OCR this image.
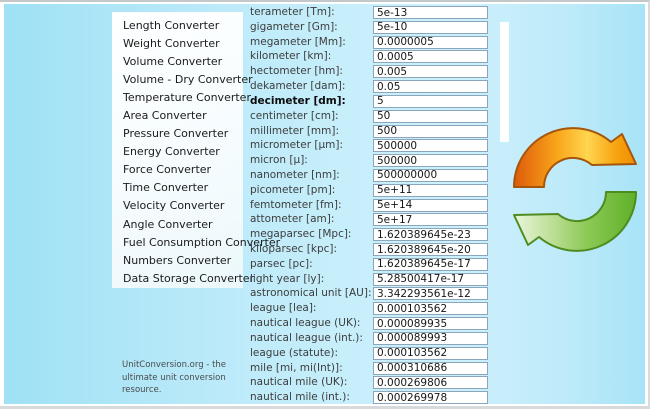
Length Converter
Weight Converter
Volume Converter
Volume - Dry Converter
Temperature Converter
Area Converter
Pressure Converter
Energy Converter
Force Converter
Time Converter
Velocity Converter
Angle Converter
Fuel Consumption Converter
Numbers Converter
Data Storage Converter
terameter [Tm]:
5e-13
gigameter [Gm]:
5e-10
megameter [Mm]:
0.0000005
kilometer [km]:
0.0005
hectometer [hm]:
0.005
dekameter [dam]:
0.05
decimeter [dm]:
5
centimeter [cm]:
50
millimeter [mm]:
500
micrometer [µm]:
500000
micron [µ]:
500000
nanometer [nm]:
500000000
picometer [pm]:
5e+11
femtometer [fm]:
5e+14
attometer [am]:
5e+17
megaparsec [Mpc]:
1.620389645e-23
kiloparsec [kpc]:
1.620389645e-20
parsec [pc]:
1.620389645e-17
light year [ly]:
5.28500417e-17
astronomical unit [AU]:
3.342293561e-12
league [lea]:
0.000103562
nautical league (UK):
0.000089935
nautical league (int.):
0.000089993
league (statute):
0.000103562
mile [mi, mi(Int)]:
0.000310686
nautical mile (UK):
0.000269806
nautical mile (int.):
0.000269978
UnitConversion.org - the
ultimate unit conversion
resource.
